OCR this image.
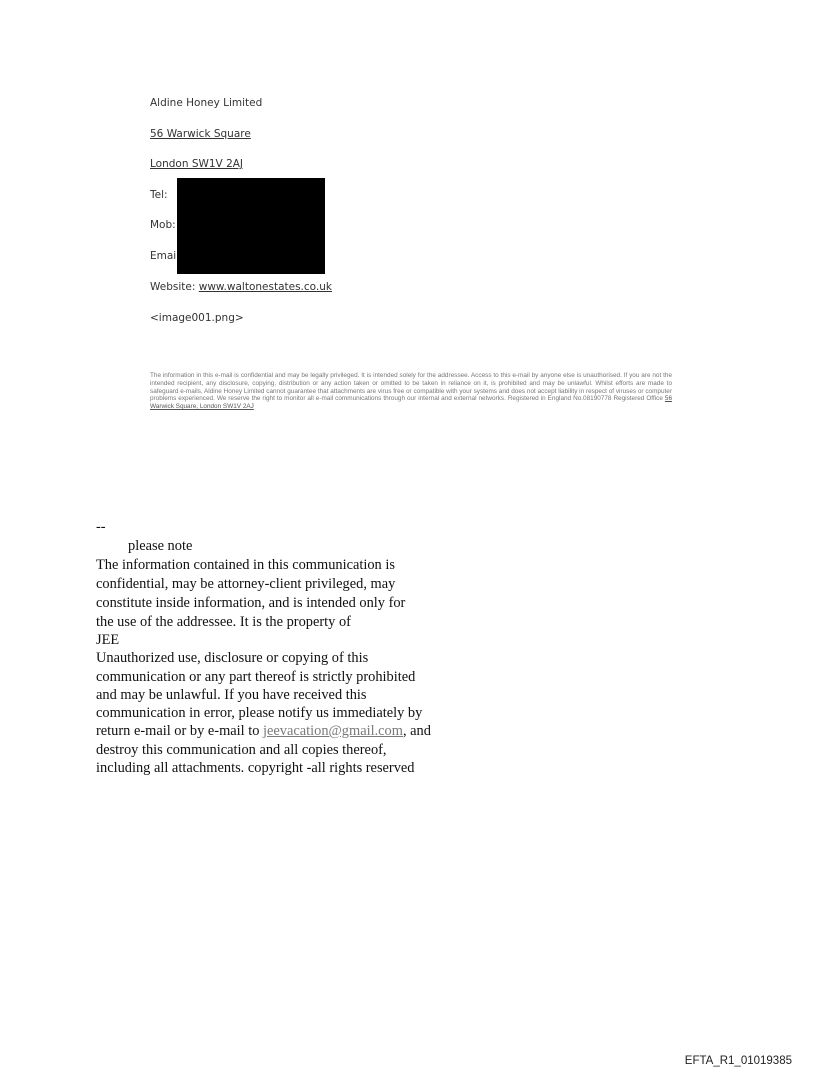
Aldine Honey Limited
56 Warwick Square
London SW1V 2AJ
Tel:
Mob:
Emai
Website: www.waltonestates.co.uk
<image001.png>

The information in this e-mail is confidential and may be legally privileged. It is intended solely for the addressee. Access to this e-mail by anyone else is unauthorised. If you are not the intended recipient, any disclosure, copying, distribution or any action taken or omitted to be taken in reliance on it, is prohibited and may be unlawful. Whilst efforts are made to safeguard e-mails, Aldine Honey Limited cannot guarantee that attachments are virus free or compatible with your systems and does not accept liability in respect of viruses or computer problems experienced. We reserve the right to monitor all e-mail communications through our internal and external networks. Registered in England No.08190778 Registered Office 56 Warwick Square, London SW1V 2AJ

--
please note
The information contained in this communication is
confidential, may be attorney-client privileged, may
constitute inside information, and is intended only for
the use of the addressee. It is the property of
JEE
Unauthorized use, disclosure or copying of this
communication or any part thereof is strictly prohibited
and may be unlawful. If you have received this
communication in error, please notify us immediately by
return e-mail or by e-mail to jeevacation@gmail.com, and
destroy this communication and all copies thereof,
including all attachments. copyright -all rights reserved
EFTA_R1_01019385
